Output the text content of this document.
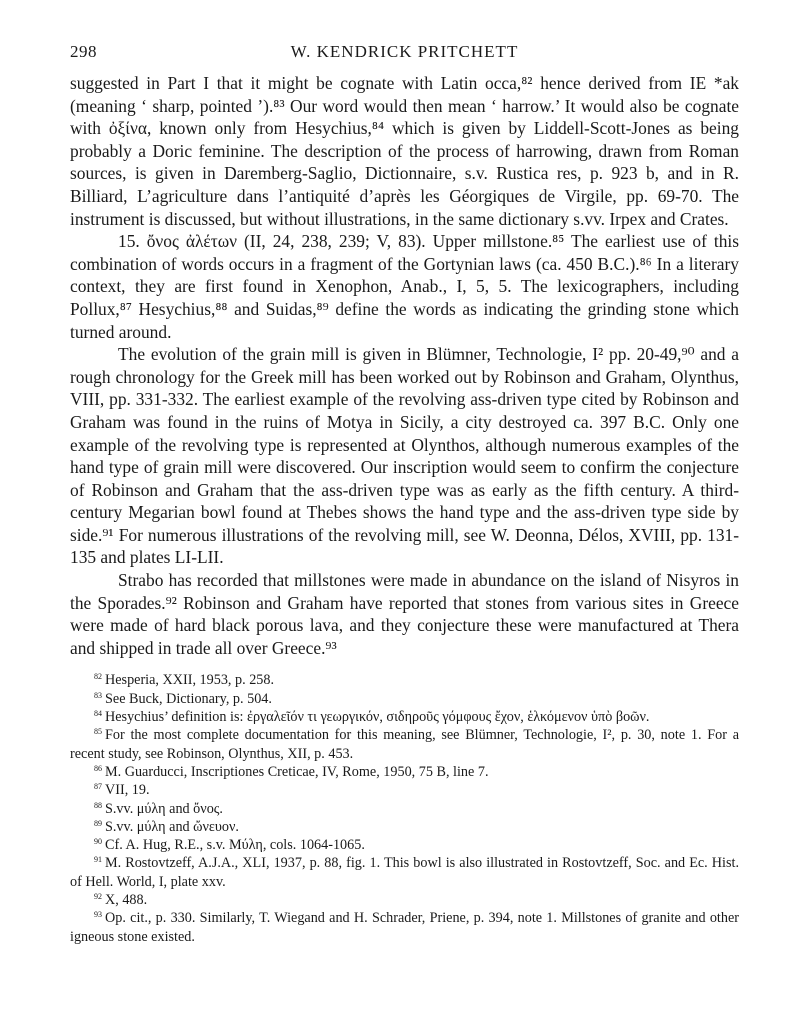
298	W. KENDRICK PRITCHETT

suggested in Part I that it might be cognate with Latin occa,⁸² hence derived from IE *ak (meaning ‘ sharp, pointed ’).⁸³ Our word would then mean ‘ harrow.’ It would also be cognate with ὀξίνα, known only from Hesychius,⁸⁴ which is given by Liddell-Scott-Jones as being probably a Doric feminine. The description of the process of harrowing, drawn from Roman sources, is given in Daremberg-Saglio, Dictionnaire, s.v. Rustica res, p. 923 b, and in R. Billiard, L’agriculture dans l’antiquité d’après les Géorgiques de Virgile, pp. 69-70. The instrument is discussed, but without illustrations, in the same dictionary s.vv. Irpex and Crates.

15. ὄνος ἀλέτων (II, 24, 238, 239; V, 83). Upper millstone.⁸⁵ The earliest use of this combination of words occurs in a fragment of the Gortynian laws (ca. 450 B.C.).⁸⁶ In a literary context, they are first found in Xenophon, Anab., I, 5, 5. The lexicographers, including Pollux,⁸⁷ Hesychius,⁸⁸ and Suidas,⁸⁹ define the words as indicating the grinding stone which turned around.

The evolution of the grain mill is given in Blümner, Technologie, I² pp. 20-49,⁹⁰ and a rough chronology for the Greek mill has been worked out by Robinson and Graham, Olynthus, VIII, pp. 331-332. The earliest example of the revolving ass-driven type cited by Robinson and Graham was found in the ruins of Motya in Sicily, a city destroyed ca. 397 B.C. Only one example of the revolving type is represented at Olynthos, although numerous examples of the hand type of grain mill were discovered. Our inscription would seem to confirm the conjecture of Robinson and Graham that the ass-driven type was as early as the fifth century. A third-century Megarian bowl found at Thebes shows the hand type and the ass-driven type side by side.⁹¹ For numerous illustrations of the revolving mill, see W. Deonna, Délos, XVIII, pp. 131-135 and plates LI-LII.

Strabo has recorded that millstones were made in abundance on the island of Nisyros in the Sporades.⁹² Robinson and Graham have reported that stones from various sites in Greece were made of hard black porous lava, and they conjecture these were manufactured at Thera and shipped in trade all over Greece.⁹³

$^{82}$ Hesperia, XXII, 1953, p. 258.
$^{83}$ See Buck, Dictionary, p. 504.
$^{84}$ Hesychius’ definition is: ἐργαλεῖόν τι γεωργικόν, σιδηροῦς γόμφους ἔχον, ἑλκόμενον ὑπὸ βοῶν.
$^{85}$ For the most complete documentation for this meaning, see Blümner, Technologie, I², p. 30, note 1. For a recent study, see Robinson, Olynthus, XII, p. 453.
$^{86}$ M. Guarducci, Inscriptiones Creticae, IV, Rome, 1950, 75 B, line 7.
$^{87}$ VII, 19.
$^{88}$ S.vv. μύλη and ὄνος.
$^{89}$ S.vv. μύλη and ὤνευον.
$^{90}$ Cf. A. Hug, R.E., s.v. Μύλη, cols. 1064-1065.
$^{91}$ M. Rostovtzeff, A.J.A., XLI, 1937, p. 88, fig. 1. This bowl is also illustrated in Rostovtzeff, Soc. and Ec. Hist. of Hell. World, I, plate xxv.
$^{92}$ X, 488.
$^{93}$ Op. cit., p. 330. Similarly, T. Wiegand and H. Schrader, Priene, p. 394, note 1. Millstones of granite and other igneous stone existed.
